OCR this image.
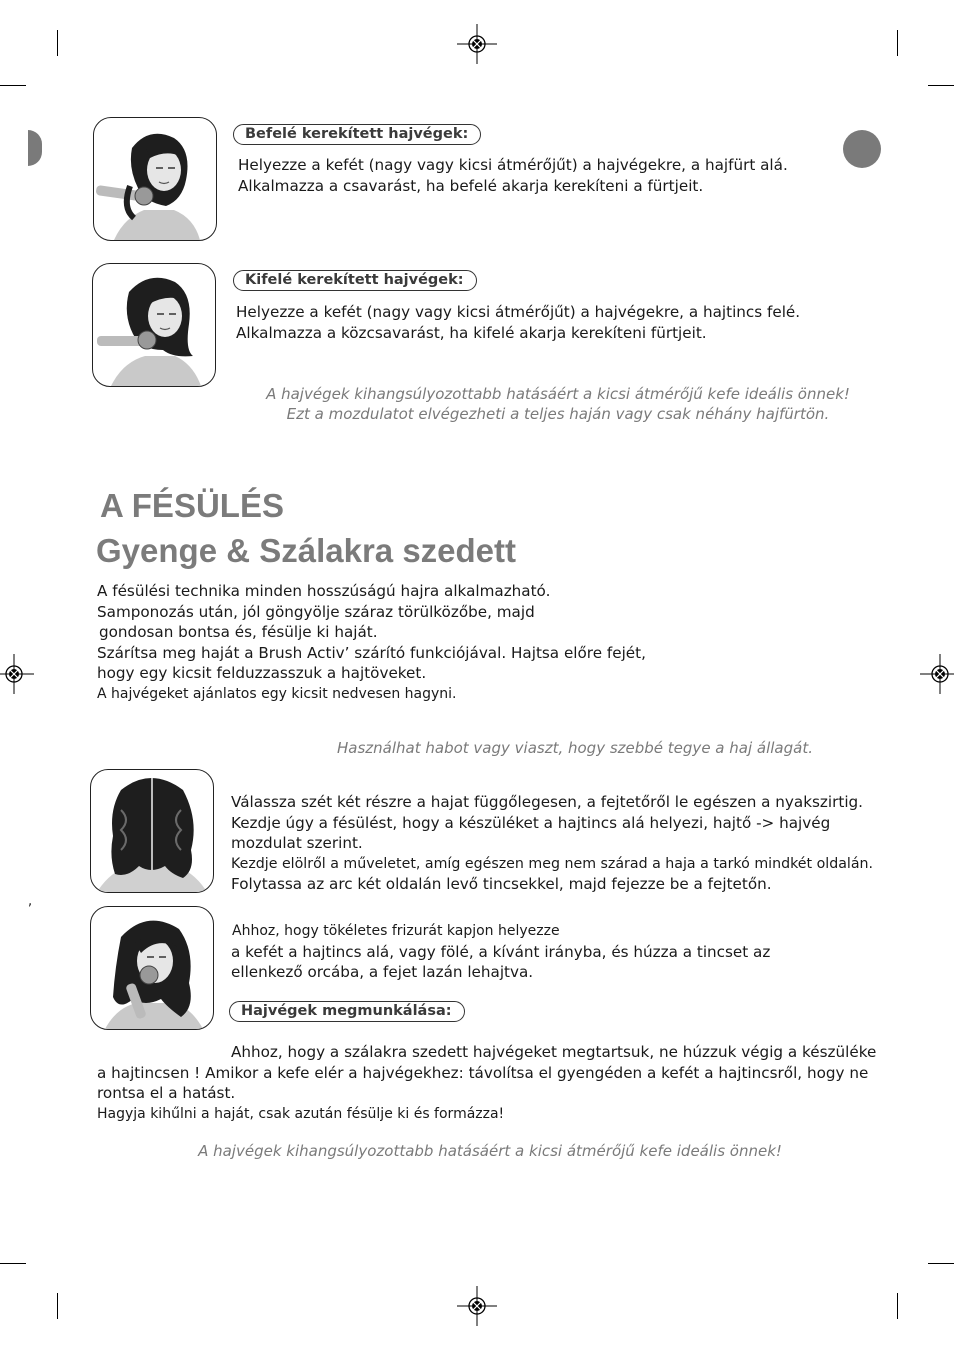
Befelé kerekített hajvégek:
Helyezze a kefét (nagy vagy kicsi átmérőjűt) a hajvégekre, a hajfürt alá.
Alkalmazza a csavarást, ha befelé akarja kerekíteni a fürtjeit.
Kifelé kerekített hajvégek:
Helyezze a kefét (nagy vagy kicsi átmérőjűt) a hajvégekre, a hajtincs felé.
Alkalmazza a közcsavarást, ha kifelé akarja kerekíteni fürtjeit.
A hajvégek kihangsúlyozottabb hatásáért a kicsi átmérőjű kefe ideális önnek!
Ezt a mozdulatot elvégezheti a teljes haján vagy csak néhány hajfürtön.
A FÉSÜLÉS
Gyenge & Szálakra szedett
A fésülési technika minden hosszúságú hajra alkalmazható.
Samponozás után, jól göngyölje száraz törülközőbe, majd
gondosan bontsa és, fésülje ki haját.
Szárítsa meg haját a Brush Activ’ szárító funkciójával. Hajtsa előre fejét,
hogy egy kicsit felduzzasszuk a hajtöveket.
A hajvégeket ajánlatos egy kicsit nedvesen hagyni.
Használhat habot vagy viaszt, hogy szebbé tegye a haj állagát.
Válassza szét két részre a hajat függőlegesen, a fejtetőről le egészen a nyakszirtig.
Kezdje úgy a fésülést, hogy a készüléket a hajtincs alá helyezi, hajtő -> hajvég
mozdulat szerint.
Kezdje elölről a műveletet, amíg egészen meg nem szárad a haja a tarkó mindkét oldalán.
Folytassa az arc két oldalán levő tincsekkel, majd fejezze be a fejtetőn.
,
Ahhoz, hogy tökéletes frizurát kapjon helyezze
a kefét a hajtincs alá, vagy fölé, a kívánt irányba, és húzza a tincset az
ellenkező orcába, a fejet lazán lehajtva.
Hajvégek megmunkálása:
Ahhoz, hogy a szálakra szedett hajvégeket megtartsuk, ne húzzuk végig a készüléke
a hajtincsen ! Amikor a kefe elér a hajvégekhez: távolítsa el gyengéden a kefét a hajtincsről, hogy ne
rontsa el a hatást.
Hagyja kihűlni a haját, csak azután fésülje ki és formázza!
A hajvégek kihangsúlyozottabb hatásáért a kicsi átmérőjű kefe ideális önnek!
